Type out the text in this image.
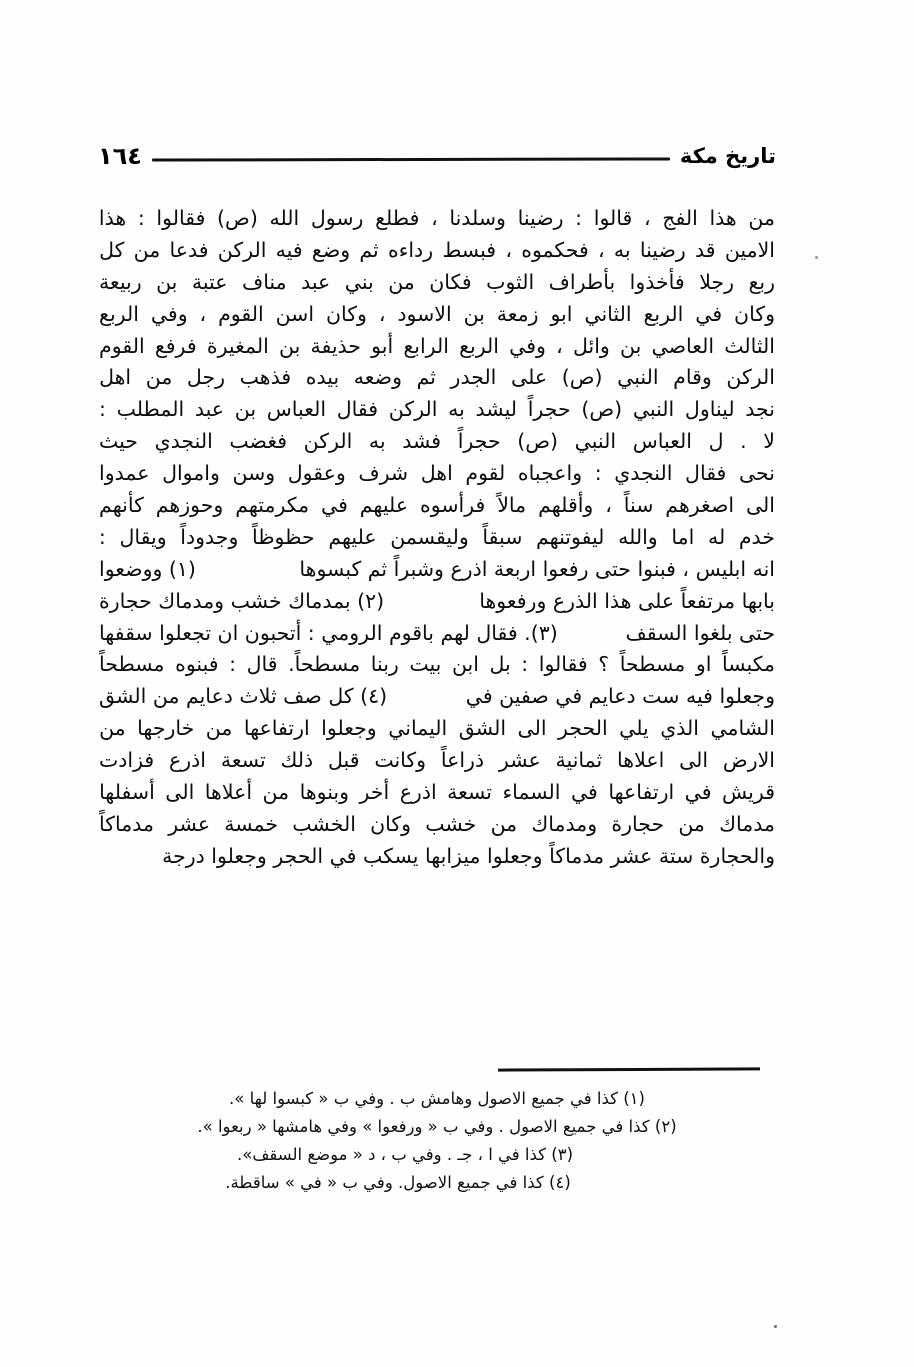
١٦٤	تاريخ مكة
من

هذا

الفج

،

قالوا

:

رضينا

وسلدنا

،

فطلع

رسول

الله

(ص)

فقالوا

:

هذا
الامين

قد

رضينا

به

،

فحكموه

،

فبسط

رداءه

ثم

وضع

فيه

الركن

فدعا

من

كل
ربع

رجلا

فأخذوا

بأطراف

الثوب

فكان

من

بني

عبد

مناف

عتبة

بن

ربيعة
وكان

في

الربع

الثاني

ابو

زمعة

بن

الاسود

،

وكان

اسن

القوم

،

وفي

الربع
الثالث

العاصي

بن

وائل

،

وفي

الربع

الرابع

أبو

حذيفة

بن

المغيرة

فرفع

القوم
الركن

وقام

النبي

(ص)

على

الجدر

ثم

وضعه

بيده

فذهب

رجل

من

اهل
نجد

ليناول

النبي

(ص)

حجراً

ليشد

به

الركن

فقال

العباس

بن

عبد

المطلب

:
لا

.

ل

العباس

النبي

(ص)

حجراً

فشد

به

الركن

فغضب

النجدي

حيث
نحى

فقال

النجدي

:

واعجباه

لقوم

اهل

شرف

وعقول

وسن

واموال

عمدوا
الى

اصغرهم

سناً

،

وأقلهم

مالاً

فرأسوه

عليهم

في

مكرمتهم

وحوزهم

كأنهم
خدم

له

اما

والله

ليفوتنهم

سبقاً

وليقسمن

عليهم

حظوظاً

وجدوداً

ويقال

:
انه ابليس ، فبنوا حتى رفعوا اربعة اذرع وشبراً ثم كبسوها
(١) ووضعوا
بابها مرتفعاً على هذا الذرع ورفعوها
(٢) بمدماك خشب ومدماك حجارة
حتى بلغوا السقف
(٣). فقال لهم باقوم الرومي : أتحبون ان تجعلوا سقفها
مكبساً

او

مسطحاً

؟

فقالوا

:

بل

ابن

بيت

ربنا

مسطحاً.

قال

:

فبنوه

مسطحاً
وجعلوا فيه ست دعايم في صفين في
(٤) كل صف ثلاث دعايم من الشق
الشامي

الذي

يلي

الحجر

الى

الشق

اليماني

وجعلوا

ارتفاعها

من

خارجها

من
الارض

الى

اعلاها

ثمانية

عشر

ذراعاً

وكانت

قبل

ذلك

تسعة

اذرع

فزادت
قريش

في

ارتفاعها

في

السماء

تسعة

اذرع

أخر

وبنوها

من

أعلاها

الى

أسفلها
مدماك

من

حجارة

ومدماك

من

خشب

وكان

الخشب

خمسة

عشر

مدماكاً
والحجارة ستة عشر مدماكاً وجعلوا ميزابها يسكب في الحجر وجعلوا درجة
(١) كذا في جميع الاصول وهامش ب . وفي ب « كبسوا لها ».
(٢) كذا في جميع الاصول . وفي ب « ورفعوا » وفي هامشها « ربعوا ».
(٣) كذا في ا ، جـ . وفي ب ، د « موضع السقف».
(٤) كذا في جميع الاصول. وفي ب « في » ساقطة.
